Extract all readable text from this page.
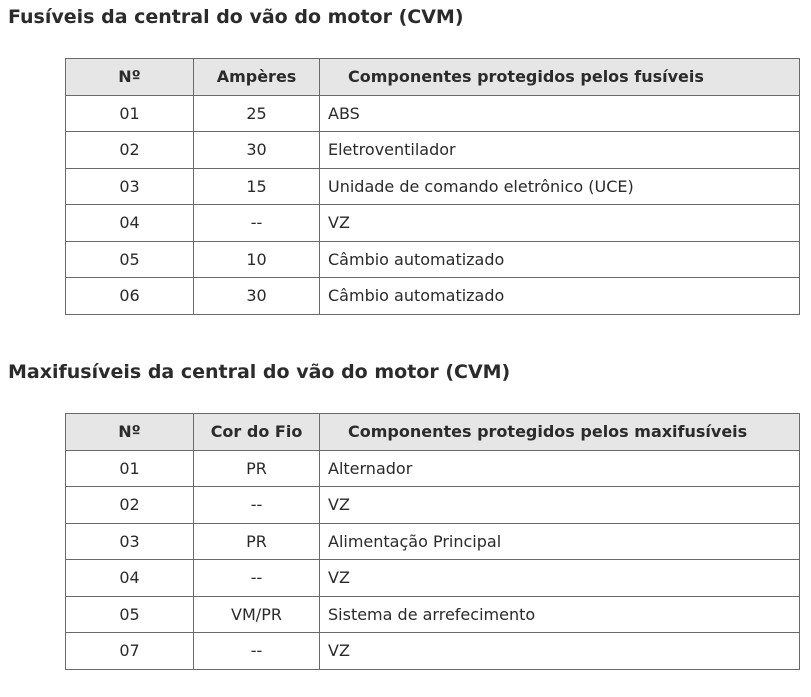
Fusíveis da central do vão do motor (CVM)
Nº	Ampères	Componentes protegidos pelos fusíveis
01	25	ABS
02	30	Eletroventilador
03	15	Unidade de comando eletrônico (UCE)
04	--	VZ
05	10	Câmbio automatizado
06	30	Câmbio automatizado
Maxifusíveis da central do vão do motor (CVM)
Nº	Cor do Fio	Componentes protegidos pelos maxifusíveis
01	PR	Alternador
02	--	VZ
03	PR	Alimentação Principal
04	--	VZ
05	VM/PR	Sistema de arrefecimento
07	--	VZ
